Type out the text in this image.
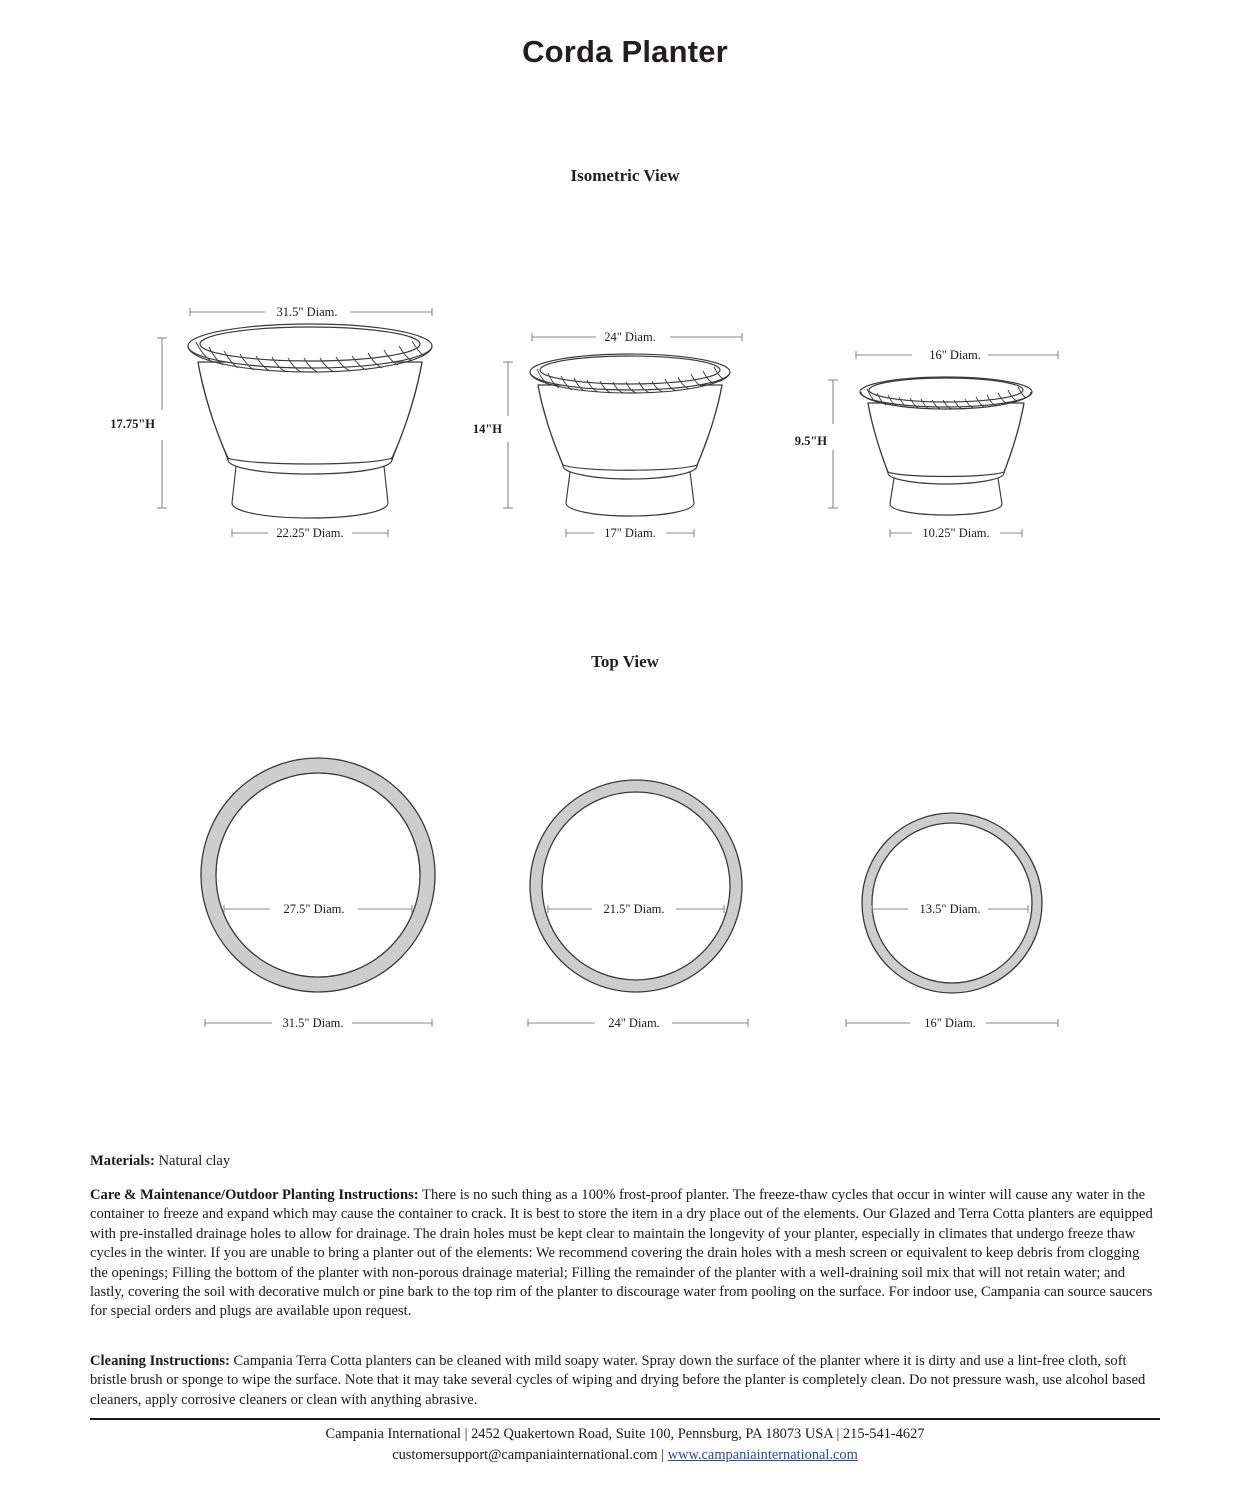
Corda Planter
Isometric View
31.5" Diam.
17.75"H
22.25" Diam.
24" Diam.
14"H
17" Diam.
16" Diam.
9.5"H
10.25" Diam.
Top View
27.5" Diam.
31.5" Diam.
21.5" Diam.
24" Diam.
13.5" Diam.
16" Diam.
Materials: Natural clay
Care & Maintenance/Outdoor Planting Instructions: There is no such thing as a 100% frost-proof planter. The freeze-thaw cycles that occur in winter will cause any water in the container to freeze and expand which may cause the container to crack. It is best to store the item in a dry place out of the elements. Our Glazed and Terra Cotta planters are equipped with pre-installed drainage holes to allow for drainage. The drain holes must be kept clear to maintain the longevity of your planter, especially in climates that undergo freeze thaw cycles in the winter. If you are unable to bring a planter out of the elements: We recommend covering the drain holes with a mesh screen or equivalent to keep debris from clogging the openings; Filling the bottom of the planter with non-porous drainage material; Filling the remainder of the planter with a well-draining soil mix that will not retain water; and lastly, covering the soil with decorative mulch or pine bark to the top rim of the planter to discourage water from pooling on the surface. For indoor use, Campania can source saucers for special orders and plugs are available upon request.
Cleaning Instructions: Campania Terra Cotta planters can be cleaned with mild soapy water. Spray down the surface of the planter where it is dirty and use a lint-free cloth, soft bristle brush or sponge to wipe the surface. Note that it may take several cycles of wiping and drying before the planter is completely clean. Do not pressure wash, use alcohol based cleaners, apply corrosive cleaners or clean with anything abrasive.
Campania International | 2452 Quakertown Road, Suite 100, Pennsburg, PA 18073 USA | 215-541-4627
customersupport@campaniainternational.com | www.campaniainternational.com
